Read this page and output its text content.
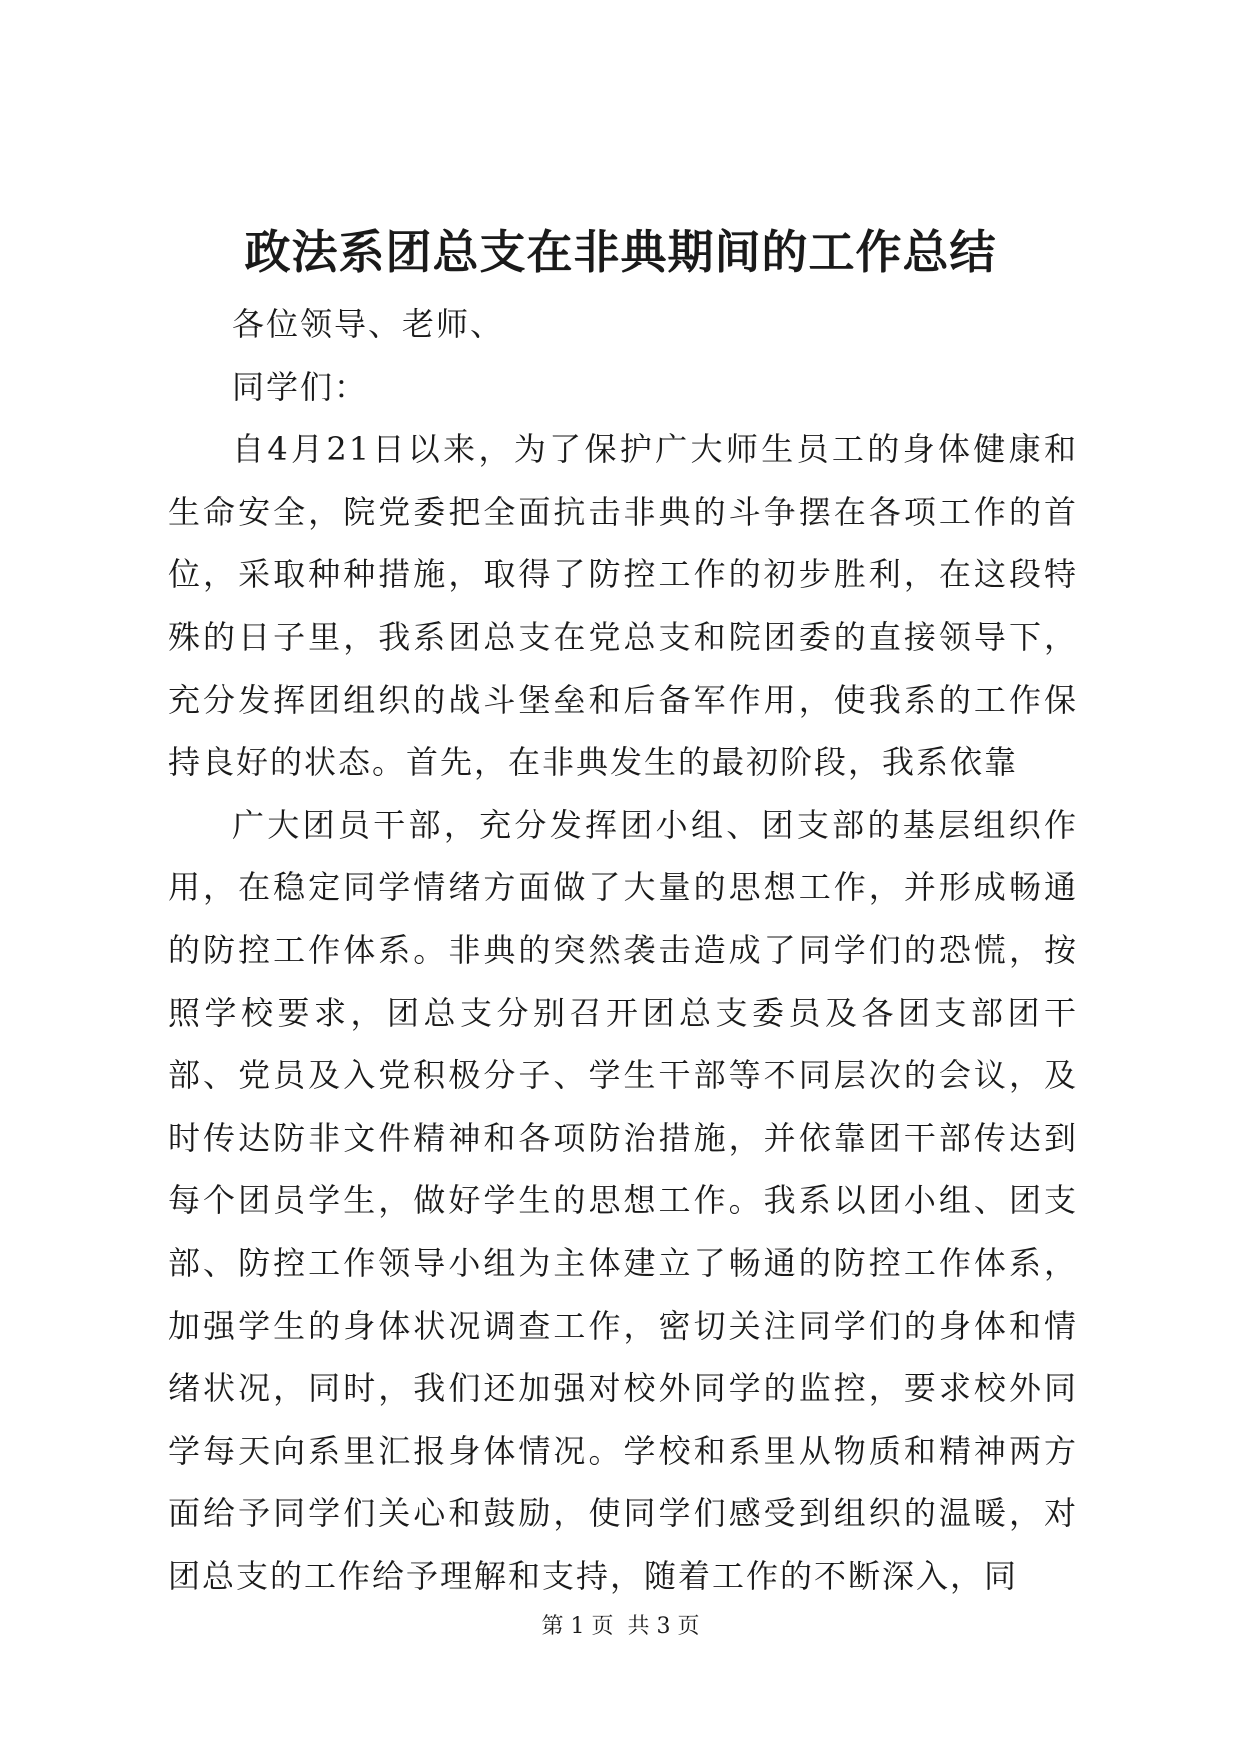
政法系团总支在非典期间的工作总结

各位领导、老师、

同学们：

自4月21日以来，为了保护广大师生员工的身体健康和生命安全，院党委把全面抗击非典的斗争摆在各项工作的首位，采取种种措施，取得了防控工作的初步胜利，在这段特殊的日子里，我系团总支在党总支和院团委的直接领导下，充分发挥团组织的战斗堡垒和后备军作用，使我系的工作保持良好的状态。首先，在非典发生的最初阶段，我系依靠

广大团员干部，充分发挥团小组、团支部的基层组织作用，在稳定同学情绪方面做了大量的思想工作，并形成畅通的防控工作体系。非典的突然袭击造成了同学们的恐慌，按照学校要求，团总支分别召开团总支委员及各团支部团干部、党员及入党积极分子、学生干部等不同层次的会议，及时传达防非文件精神和各项防治措施，并依靠团干部传达到每个团员学生，做好学生的思想工作。我系以团小组、团支部、防控工作领导小组为主体建立了畅通的防控工作体系，加强学生的身体状况调查工作，密切关注同学们的身体和情绪状况，同时，我们还加强对校外同学的监控，要求校外同学每天向系里汇报身体情况。学校和系里从物质和精神两方面给予同学们关心和鼓励，使同学们感受到组织的温暖，对团总支的工作给予理解和支持，随着工作的不断深入，同

第 1 页  共 3 页
